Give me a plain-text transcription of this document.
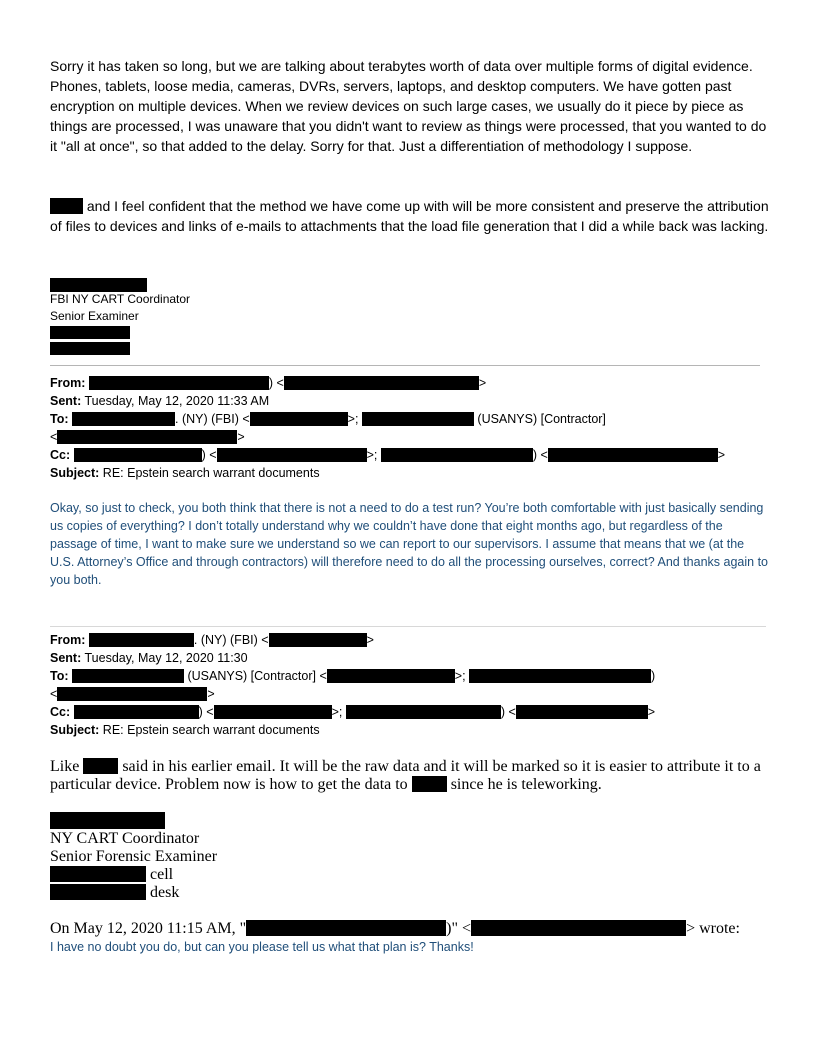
Sorry it has taken so long, but we are talking about terabytes worth of data over multiple forms of digital evidence. Phones, tablets, loose media, cameras, DVRs, servers, laptops, and desktop computers. We have gotten past encryption on multiple devices. When we review devices on such large cases, we usually do it piece by piece as things are processed, I was unaware that you didn't want to review as things were processed, that you wanted to do it "all at once", so that added to the delay. Sorry for that. Just a differentiation of methodology I suppose.
and I feel confident that the method we have come up with will be more consistent and preserve the attribution of files to devices and links of e-mails to attachments that the load file generation that I did a while back was lacking.
FBI NY CART Coordinator
Senior Examiner
From:	) <	>
Sent: Tuesday, May 12, 2020 11:33 AM
To:	. (NY) (FBI) <	>;	(USANYS) [Contractor]
<	>
Cc:	) <	>;	) <	>
Subject: RE: Epstein search warrant documents
Okay, so just to check, you both think that there is not a need to do a test run? You’re both comfortable with just basically sending us copies of everything? I don’t totally understand why we couldn’t have done that eight months ago, but regardless of the passage of time, I want to make sure we understand so we can report to our supervisors. I assume that means that we (at the U.S. Attorney’s Office and through contractors) will therefore need to do all the processing ourselves, correct? And thanks again to you both.
From:	. (NY) (FBI) <	>
Sent: Tuesday, May 12, 2020 11:30
To:	(USANYS) [Contractor] <	>;	)
<	>
Cc:	) <	>;	) <	>
Subject: RE: Epstein search warrant documents
Like	said in his earlier email. It will be the raw data and it will be marked so it is easier to attribute it to a particular device. Problem now is how to get the data to	since he is teleworking.
NY CART Coordinator
Senior Forensic Examiner
cell
desk
On May 12, 2020 11:15 AM, "	)" <	> wrote:
I have no doubt you do, but can you please tell us what that plan is? Thanks!
